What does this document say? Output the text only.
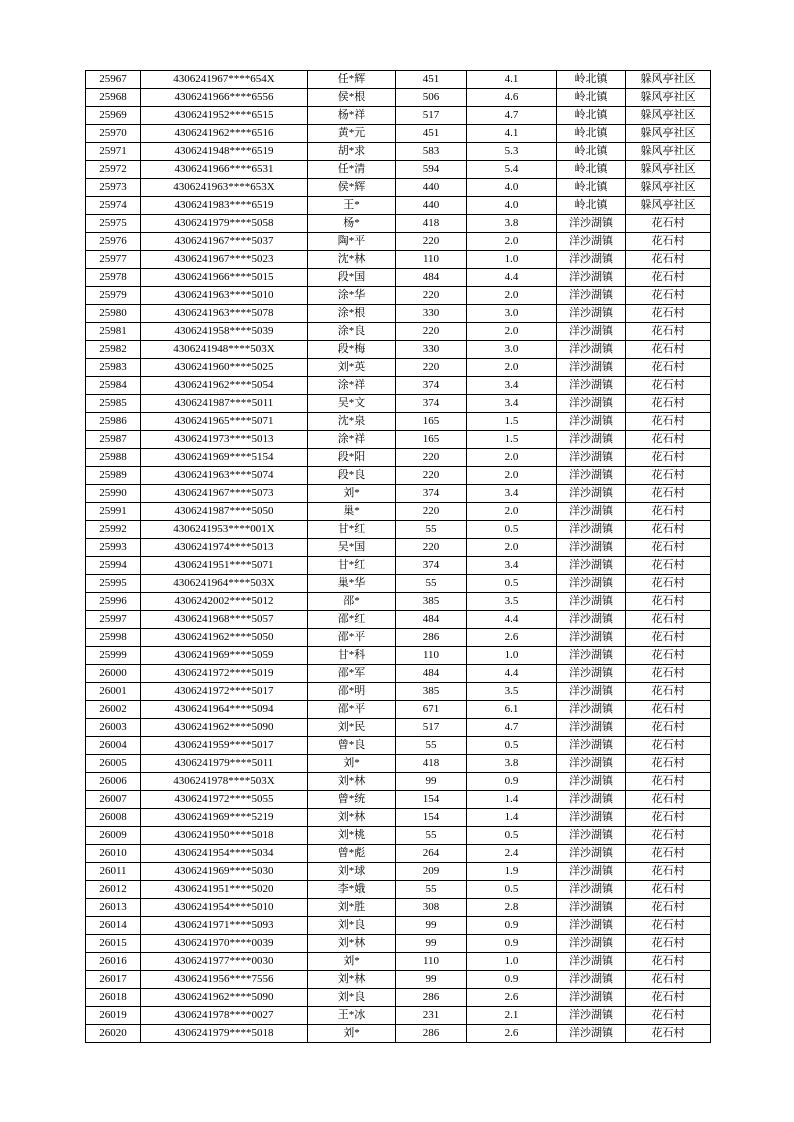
25967	4306241967****654X	任*辉	451	4.1	岭北镇	躲风亭社区
25968	4306241966****6556	侯*根	506	4.6	岭北镇	躲风亭社区
25969	4306241952****6515	杨*祥	517	4.7	岭北镇	躲风亭社区
25970	4306241962****6516	黄*元	451	4.1	岭北镇	躲风亭社区
25971	4306241948****6519	胡*求	583	5.3	岭北镇	躲风亭社区
25972	4306241966****6531	任*清	594	5.4	岭北镇	躲风亭社区
25973	4306241963****653X	侯*辉	440	4.0	岭北镇	躲风亭社区
25974	4306241983****6519	王*	440	4.0	岭北镇	躲风亭社区
25975	4306241979****5058	杨*	418	3.8	洋沙湖镇	花石村
25976	4306241967****5037	陶*平	220	2.0	洋沙湖镇	花石村
25977	4306241967****5023	沈*林	110	1.0	洋沙湖镇	花石村
25978	4306241966****5015	段*国	484	4.4	洋沙湖镇	花石村
25979	4306241963****5010	涂*华	220	2.0	洋沙湖镇	花石村
25980	4306241963****5078	涂*根	330	3.0	洋沙湖镇	花石村
25981	4306241958****5039	涂*良	220	2.0	洋沙湖镇	花石村
25982	4306241948****503X	段*梅	330	3.0	洋沙湖镇	花石村
25983	4306241960****5025	刘*英	220	2.0	洋沙湖镇	花石村
25984	4306241962****5054	涂*祥	374	3.4	洋沙湖镇	花石村
25985	4306241987****5011	吴*文	374	3.4	洋沙湖镇	花石村
25986	4306241965****5071	沈*泉	165	1.5	洋沙湖镇	花石村
25987	4306241973****5013	涂*祥	165	1.5	洋沙湖镇	花石村
25988	4306241969****5154	段*阳	220	2.0	洋沙湖镇	花石村
25989	4306241963****5074	段*良	220	2.0	洋沙湖镇	花石村
25990	4306241967****5073	刘*	374	3.4	洋沙湖镇	花石村
25991	4306241987****5050	巢*	220	2.0	洋沙湖镇	花石村
25992	4306241953****001X	甘*红	55	0.5	洋沙湖镇	花石村
25993	4306241974****5013	吴*国	220	2.0	洋沙湖镇	花石村
25994	4306241951****5071	甘*红	374	3.4	洋沙湖镇	花石村
25995	4306241964****503X	巢*华	55	0.5	洋沙湖镇	花石村
25996	4306242002****5012	邵*	385	3.5	洋沙湖镇	花石村
25997	4306241968****5057	邵*红	484	4.4	洋沙湖镇	花石村
25998	4306241962****5050	邵*平	286	2.6	洋沙湖镇	花石村
25999	4306241969****5059	甘*科	110	1.0	洋沙湖镇	花石村
26000	4306241972****5019	邵*军	484	4.4	洋沙湖镇	花石村
26001	4306241972****5017	邵*明	385	3.5	洋沙湖镇	花石村
26002	4306241964****5094	邵*平	671	6.1	洋沙湖镇	花石村
26003	4306241962****5090	刘*民	517	4.7	洋沙湖镇	花石村
26004	4306241959****5017	曾*良	55	0.5	洋沙湖镇	花石村
26005	4306241979****5011	刘*	418	3.8	洋沙湖镇	花石村
26006	4306241978****503X	刘*林	99	0.9	洋沙湖镇	花石村
26007	4306241972****5055	曾*统	154	1.4	洋沙湖镇	花石村
26008	4306241969****5219	刘*林	154	1.4	洋沙湖镇	花石村
26009	4306241950****5018	刘*桃	55	0.5	洋沙湖镇	花石村
26010	4306241954****5034	曾*彪	264	2.4	洋沙湖镇	花石村
26011	4306241969****5030	刘*球	209	1.9	洋沙湖镇	花石村
26012	4306241951****5020	李*娥	55	0.5	洋沙湖镇	花石村
26013	4306241954****5010	刘*胜	308	2.8	洋沙湖镇	花石村
26014	4306241971****5093	刘*良	99	0.9	洋沙湖镇	花石村
26015	4306241970****0039	刘*林	99	0.9	洋沙湖镇	花石村
26016	4306241977****0030	刘*	110	1.0	洋沙湖镇	花石村
26017	4306241956****7556	刘*林	99	0.9	洋沙湖镇	花石村
26018	4306241962****5090	刘*良	286	2.6	洋沙湖镇	花石村
26019	4306241978****0027	王*冰	231	2.1	洋沙湖镇	花石村
26020	4306241979****5018	刘*	286	2.6	洋沙湖镇	花石村
